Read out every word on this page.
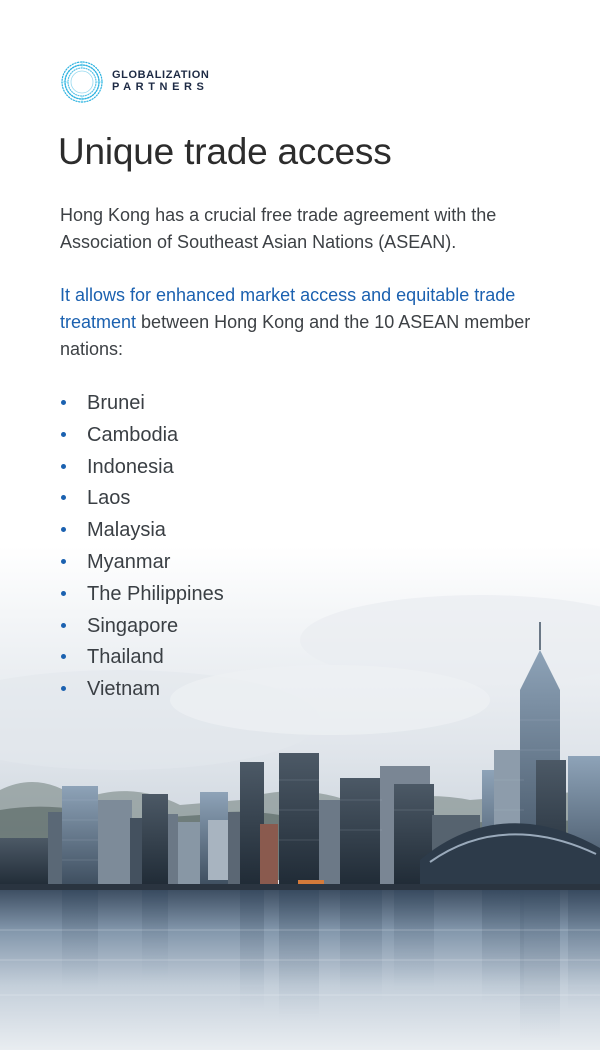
GLOBALIZATION
PARTNERS
Unique trade access

Hong Kong has a crucial free trade agreement with the Association of Southeast Asian Nations (ASEAN).

It allows for enhanced market access and equitable trade treatment between Hong Kong and the 10 ASEAN member nations:

Brunei
Cambodia
Indonesia
Laos
Malaysia
Myanmar
The Philippines
Singapore
Thailand
Vietnam
